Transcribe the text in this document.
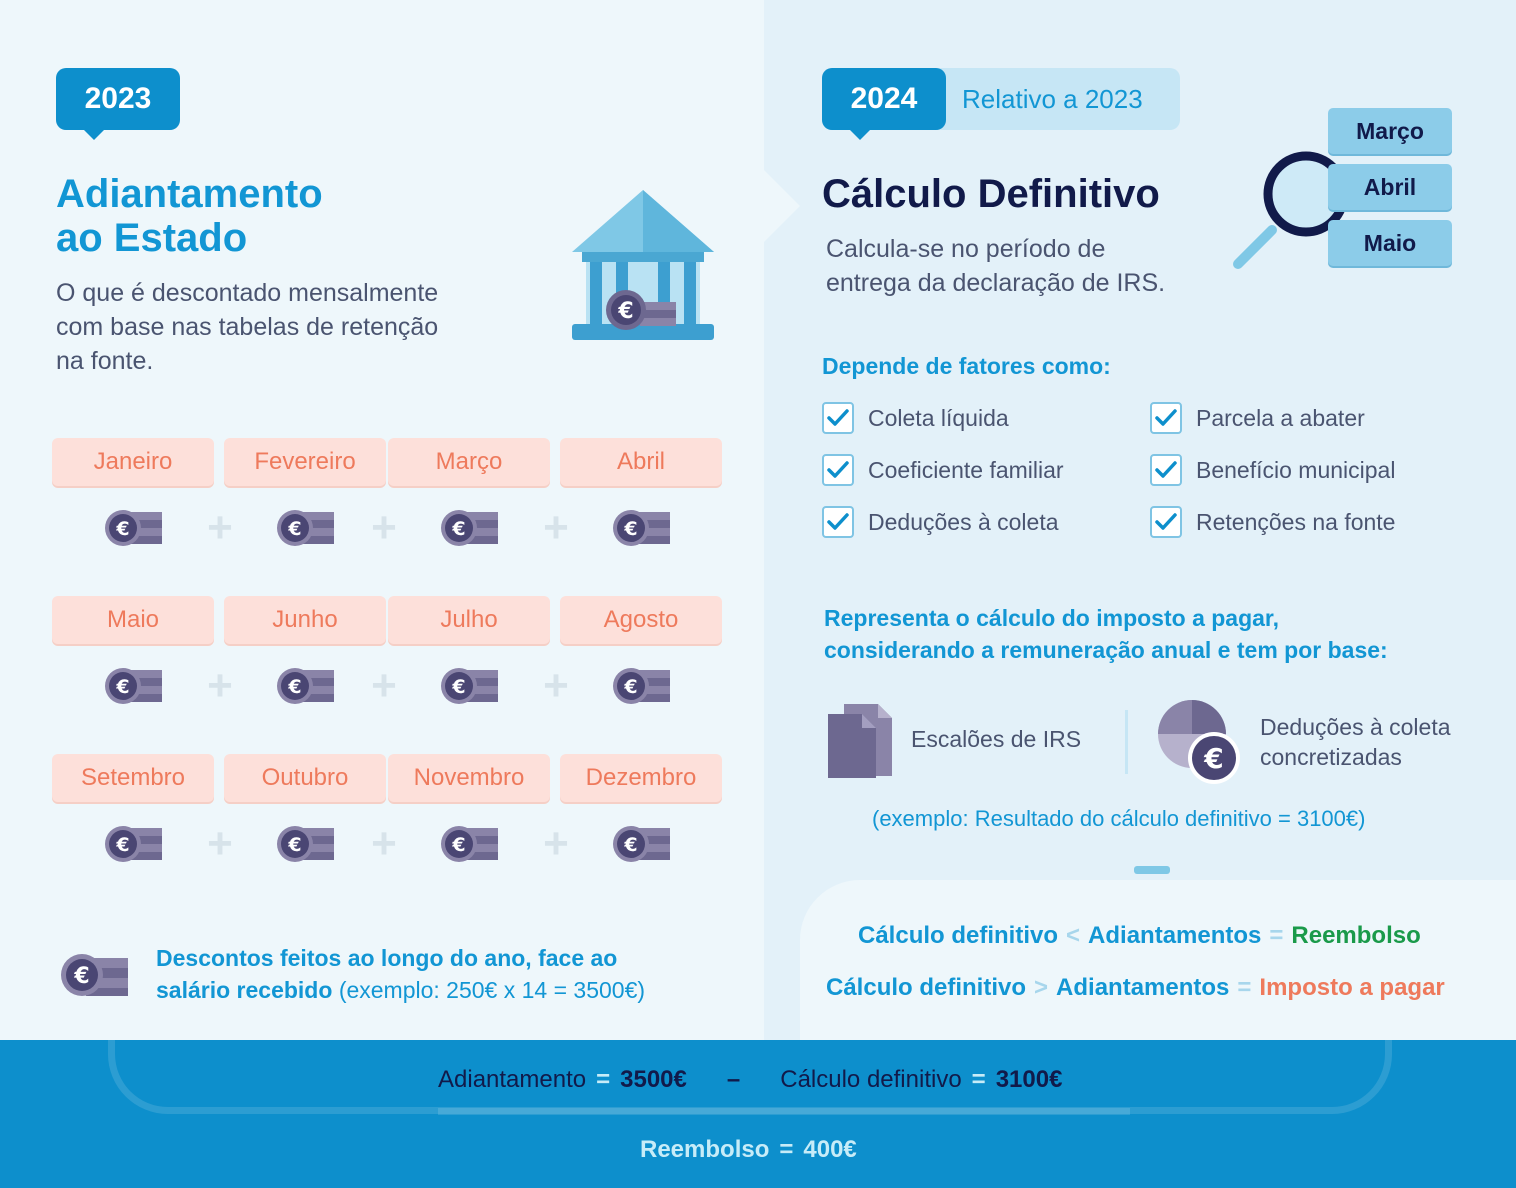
2023
Adiantamento
ao Estado
O que é descontado mensalmente
com base nas tabelas de retenção
na fonte.
€
Janeiro
€ +
Fevereiro
€ +
Março
€ +
Abril
€
Maio
€ +
Junho
€ +
Julho
€ +
Agosto
€
Setembro
€ +
Outubro
€ +
Novembro
€ +
Dezembro
€
€
Descontos feitos ao longo do ano, face ao
salário recebido (exemplo: 250€ x 14 = 3500€)
2024	Relativo a 2023
Cálculo Definitivo
Calcula-se no período de
entrega da declaração de IRS.
Março
Abril
Maio
Depende de fatores como:
Coleta líquida
Coeficiente familiar
Deduções à coleta
Parcela a abater
Benefício municipal
Retenções na fonte
Representa o cálculo do imposto a pagar,
considerando a remuneração anual e tem por base:
Escalões de IRS
€
Deduções à coleta
concretizadas
(exemplo: Resultado do cálculo definitivo = 3100€)
Cálculo definitivo < Adiantamentos = Reembolso
Cálculo definitivo > Adiantamentos = Imposto a pagar
Adiantamento = 3500€ – Cálculo definitivo = 3100€
Reembolso = 400€
